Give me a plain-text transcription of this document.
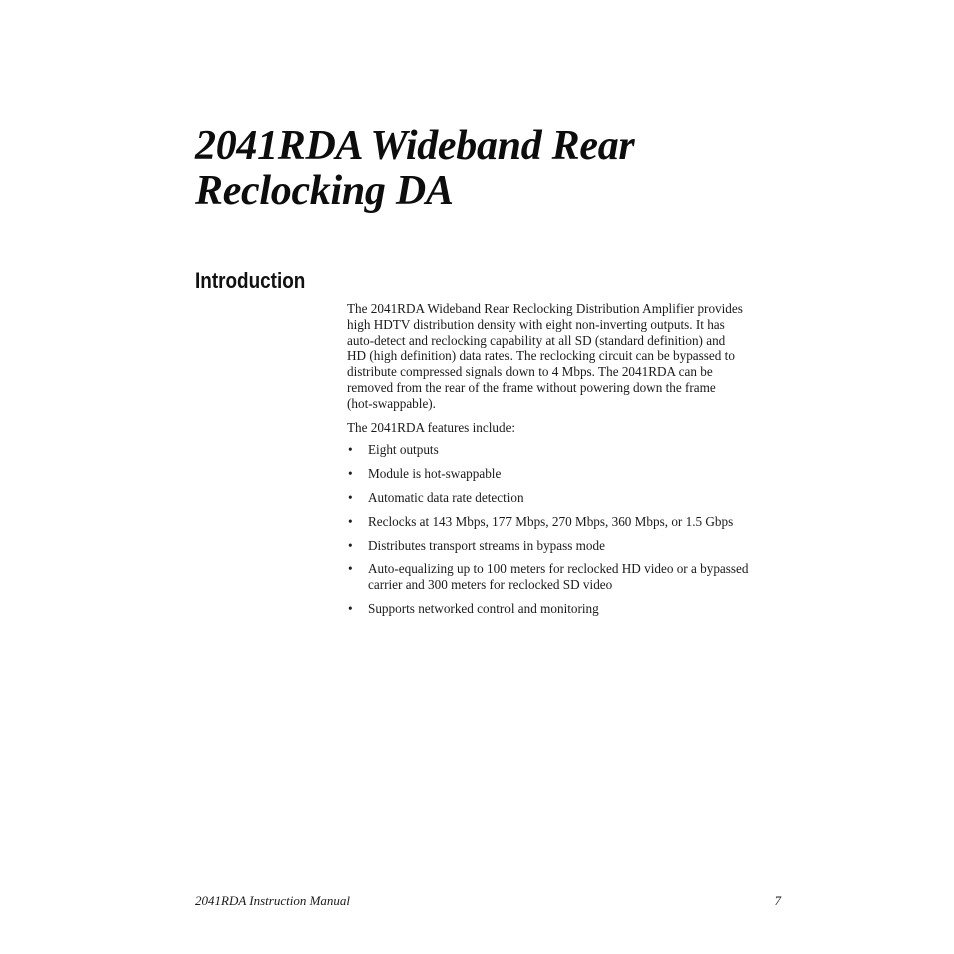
2041RDA Wideband Rear
Reclocking DA
Introduction

The 2041RDA Wideband Rear Reclocking Distribution Amplifier provides
high HDTV distribution density with eight non-inverting outputs. It has
auto-detect and reclocking capability at all SD (standard definition) and
HD (high definition) data rates. The reclocking circuit can be bypassed to
distribute compressed signals down to 4 Mbps. The 2041RDA can be
removed from the rear of the frame without powering down the frame
(hot-swappable).

The 2041RDA features include:

• Eight outputs
• Module is hot-swappable
• Automatic data rate detection
• Reclocks at 143 Mbps, 177 Mbps, 270 Mbps, 360 Mbps, or 1.5 Gbps
• Distributes transport streams in bypass mode
• Auto-equalizing up to 100 meters for reclocked HD video or a bypassed carrier and 300 meters for reclocked SD video
• Supports networked control and monitoring
2041RDA Instruction Manual	7
